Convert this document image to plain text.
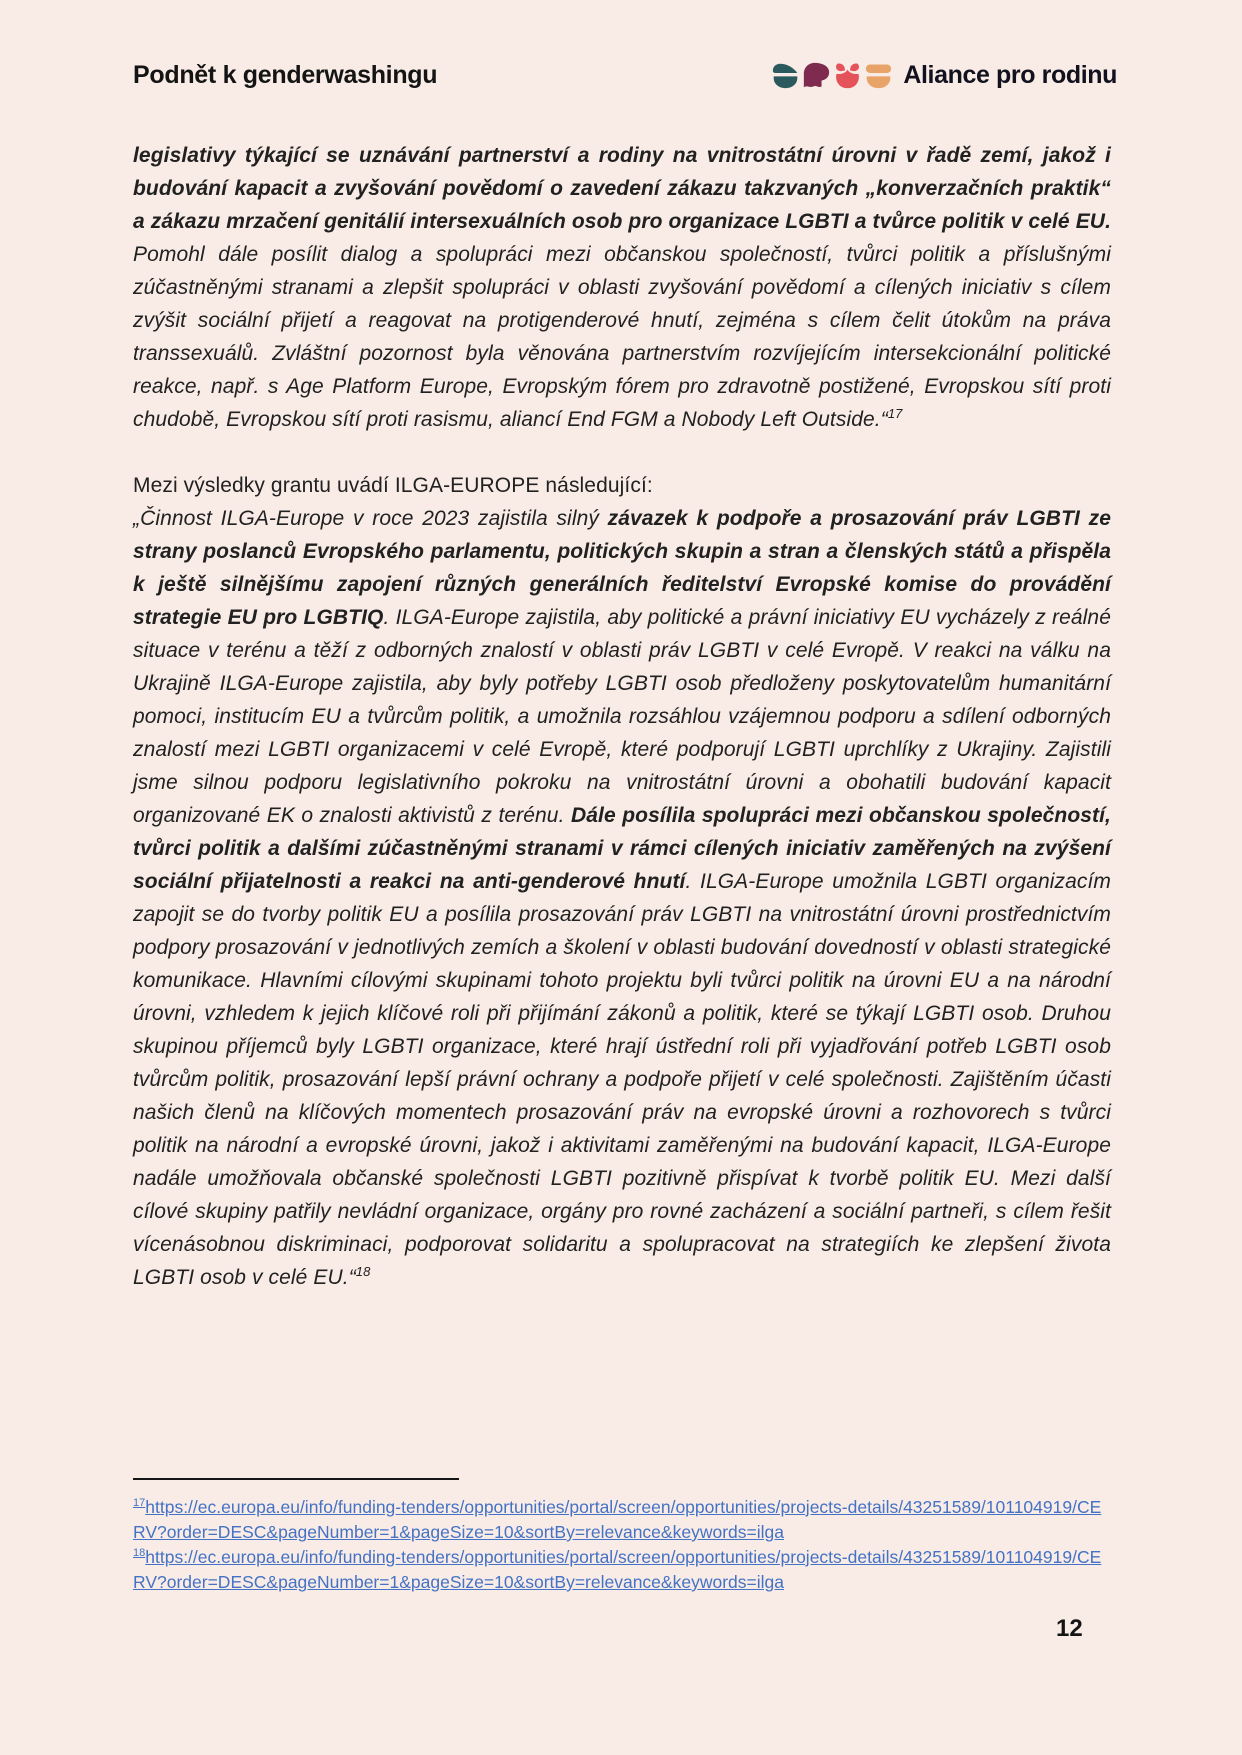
Podnět k genderwashingu	Aliance pro rodinu

legislativy týkající se uznávání partnerství a rodiny na vnitrostátní úrovni v řadě zemí, jakož i budování kapacit a zvyšování povědomí o zavedení zákazu takzvaných „konverzačních praktik“ a zákazu mrzačení genitálií intersexuálních osob pro organizace LGBTI a tvůrce politik v celé EU. Pomohl dále posílit dialog a spolupráci mezi občanskou společností, tvůrci politik a příslušnými zúčastněnými stranami a zlepšit spolupráci v oblasti zvyšování povědomí a cílených iniciativ s cílem zvýšit sociální přijetí a reagovat na protigenderové hnutí, zejména s cílem čelit útokům na práva transsexuálů. Zvláštní pozornost byla věnována partnerstvím rozvíjejícím intersekcionální politické reakce, např. s Age Platform Europe, Evropským fórem pro zdravotně postižené, Evropskou sítí proti chudobě, Evropskou sítí proti rasismu, aliancí End FGM a Nobody Left Outside.“$^{17}$

Mezi výsledky grantu uvádí ILGA-EUROPE následující:

„Činnost ILGA-Europe v roce 2023 zajistila silný závazek k podpoře a prosazování práv LGBTI ze strany poslanců Evropského parlamentu, politických skupin a stran a členských států a přispěla k ještě silnějšímu zapojení různých generálních ředitelství Evropské komise do provádění strategie EU pro LGBTIQ. ILGA-Europe zajistila, aby politické a právní iniciativy EU vycházely z reálné situace v terénu a těží z odborných znalostí v oblasti práv LGBTI v celé Evropě. V reakci na válku na Ukrajině ILGA-Europe zajistila, aby byly potřeby LGBTI osob předloženy poskytovatelům humanitární pomoci, institucím EU a tvůrcům politik, a umožnila rozsáhlou vzájemnou podporu a sdílení odborných znalostí mezi LGBTI organizacemi v celé Evropě, které podporují LGBTI uprchlíky z Ukrajiny. Zajistili jsme silnou podporu legislativního pokroku na vnitrostátní úrovni a obohatili budování kapacit organizované EK o znalosti aktivistů z terénu. Dále posílila spolupráci mezi občanskou společností, tvůrci politik a dalšími zúčastněnými stranami v rámci cílených iniciativ zaměřených na zvýšení sociální přijatelnosti a reakci na anti-genderové hnutí. ILGA-Europe umožnila LGBTI organizacím zapojit se do tvorby politik EU a posílila prosazování práv LGBTI na vnitrostátní úrovni prostřednictvím podpory prosazování v jednotlivých zemích a školení v oblasti budování dovedností v oblasti strategické komunikace. Hlavními cílovými skupinami tohoto projektu byli tvůrci politik na úrovni EU a na národní úrovni, vzhledem k jejich klíčové roli při přijímání zákonů a politik, které se týkají LGBTI osob. Druhou skupinou příjemců byly LGBTI organizace, které hrají ústřední roli při vyjadřování potřeb LGBTI osob tvůrcům politik, prosazování lepší právní ochrany a podpoře přijetí v celé společnosti. Zajištěním účasti našich členů na klíčových momentech prosazování práv na evropské úrovni a rozhovorech s tvůrci politik na národní a evropské úrovni, jakož i aktivitami zaměřenými na budování kapacit, ILGA-Europe nadále umožňovala občanské společnosti LGBTI pozitivně přispívat k tvorbě politik EU. Mezi další cílové skupiny patřily nevládní organizace, orgány pro rovné zacházení a sociální partneři, s cílem řešit vícenásobnou diskriminaci, podporovat solidaritu a spolupracovat na strategiích ke zlepšení života LGBTI osob v celé EU.“$^{18}$

$^{17}$https://ec.europa.eu/info/funding-tenders/opportunities/portal/screen/opportunities/projects-details/43251589/101104919/CERV?order=DESC&pageNumber=1&pageSize=10&sortBy=relevance&keywords=ilga
$^{18}$https://ec.europa.eu/info/funding-tenders/opportunities/portal/screen/opportunities/projects-details/43251589/101104919/CERV?order=DESC&pageNumber=1&pageSize=10&sortBy=relevance&keywords=ilga
12
